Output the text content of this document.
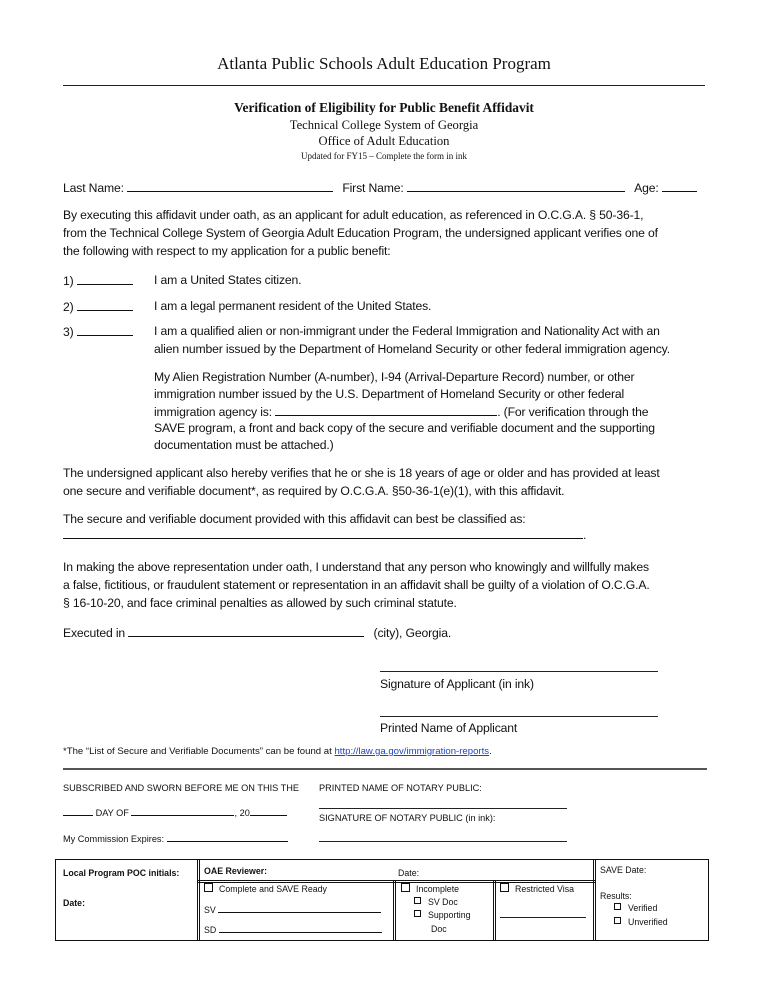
Atlanta Public Schools Adult Education Program
Verification of Eligibility for Public Benefit Affidavit
Technical College System of Georgia
Office of Adult Education
Updated for FY15 – Complete the form in ink
Last Name:	First Name:	Age:
By executing this affidavit under oath, as an applicant for adult education, as referenced in O.C.G.A. § 50-36-1,
from the Technical College System of Georgia Adult Education Program, the undersigned applicant verifies one of
the following with respect to my application for a public benefit:
1)	I am a United States citizen.
2)	I am a legal permanent resident of the United States.
3)	I am a qualified alien or non-immigrant under the Federal Immigration and Nationality Act with an
alien number issued by the Department of Homeland Security or other federal immigration agency.
My Alien Registration Number (A-number), I-94 (Arrival-Departure Record) number, or other
immigration number issued by the U.S. Department of Homeland Security or other federal
immigration agency is:	. (For verification through the
SAVE program, a front and back copy of the secure and verifiable document and the supporting
documentation must be attached.)
The undersigned applicant also hereby verifies that he or she is 18 years of age or older and has provided at least
one secure and verifiable document*, as required by O.C.G.A. §50-36-1(e)(1), with this affidavit.
The secure and verifiable document provided with this affidavit can best be classified as:
.
In making the above representation under oath, I understand that any person who knowingly and willfully makes
a false, fictitious, or fraudulent statement or representation in an affidavit shall be guilty of a violation of O.C.G.A.
§ 16-10-20, and face criminal penalties as allowed by such criminal statute.
Executed in	(city), Georgia.
Signature of Applicant (in ink)
Printed Name of Applicant
*The “List of Secure and Verifiable Documents” can be found at http://law.ga.gov/immigration-reports.
SUBSCRIBED AND SWORN BEFORE ME ON THIS THE PRINTED NAME OF NOTARY PUBLIC:
DAY OF	, 20	SIGNATURE OF NOTARY PUBLIC (in ink):
My Commission Expires:
Local Program POC initials:
Date:
OAE Reviewer:	Date:
Complete and SAVE Ready
SV
SD
Incomplete
SV Doc
Supporting
Doc
Restricted Visa
SAVE Date:
Results:
Verified
Unverified
